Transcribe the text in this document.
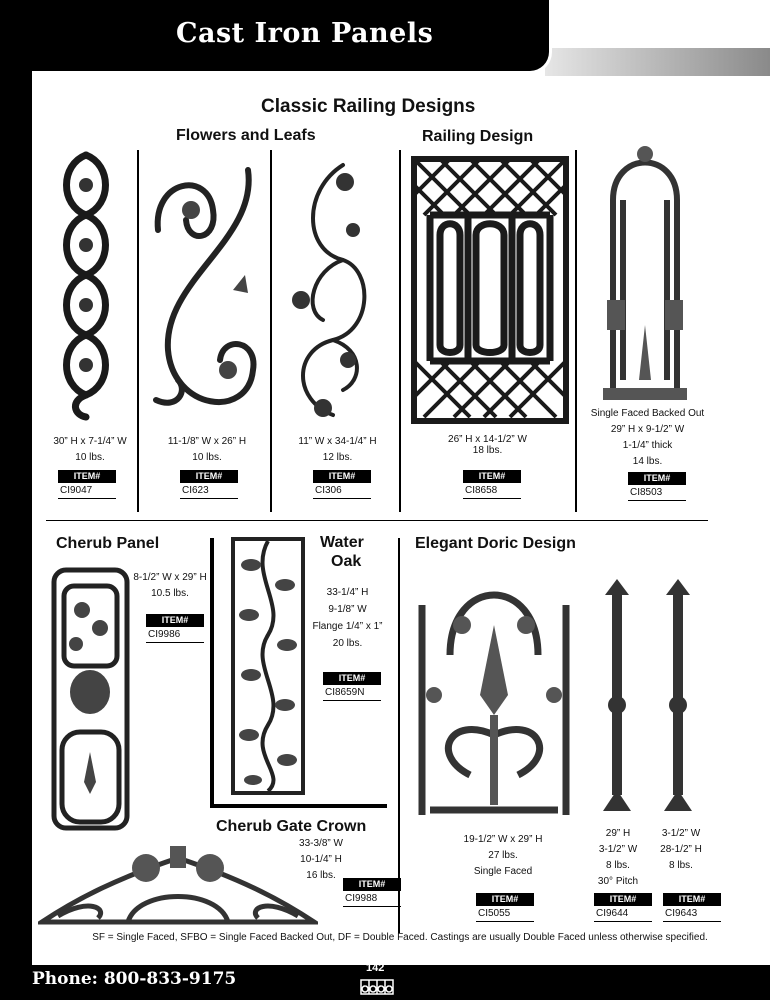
Cast Iron Panels
Classic Railing Designs
Flowers and Leafs	Railing Design
Cherub Panel	Water
Oak
Elegant Doric Design
Cherub Gate Crown
30” H x 7-1/4” W
10 lbs.
ITEM#
CI9047
11-1/8” W x 26” H
10 lbs.
ITEM#
CI623
11” W x 34-1/4” H
12 lbs.
ITEM#
CI306
26” H x 14-1/2” W
18 lbs.
ITEM#
CI8658
Single Faced Backed Out
29” H x 9-1/2” W
1-1/4” thick
14 lbs.
ITEM#
CI8503
8-1/2” W x 29” H
10.5 lbs.
ITEM#
CI9986
33-1/4” H
9-1/8” W
Flange 1/4” x 1”
20 lbs.
ITEM#
CI8659N
33-3/8” W
10-1/4” H
16 lbs.
ITEM#
CI9988
19-1/2” W x 29” H
27 lbs.
Single Faced
ITEM#
CI5055
29” H
3-1/2” W
8 lbs.
30° Pitch
ITEM#
CI9644
3-1/2” W
28-1/2” H
8 lbs.
ITEM#
CI9643
SF = Single Faced, SFBO = Single Faced Backed Out, DF = Double Faced. Castings are usually Double Faced unless otherwise specified.
Phone: 800-833-9175
142
